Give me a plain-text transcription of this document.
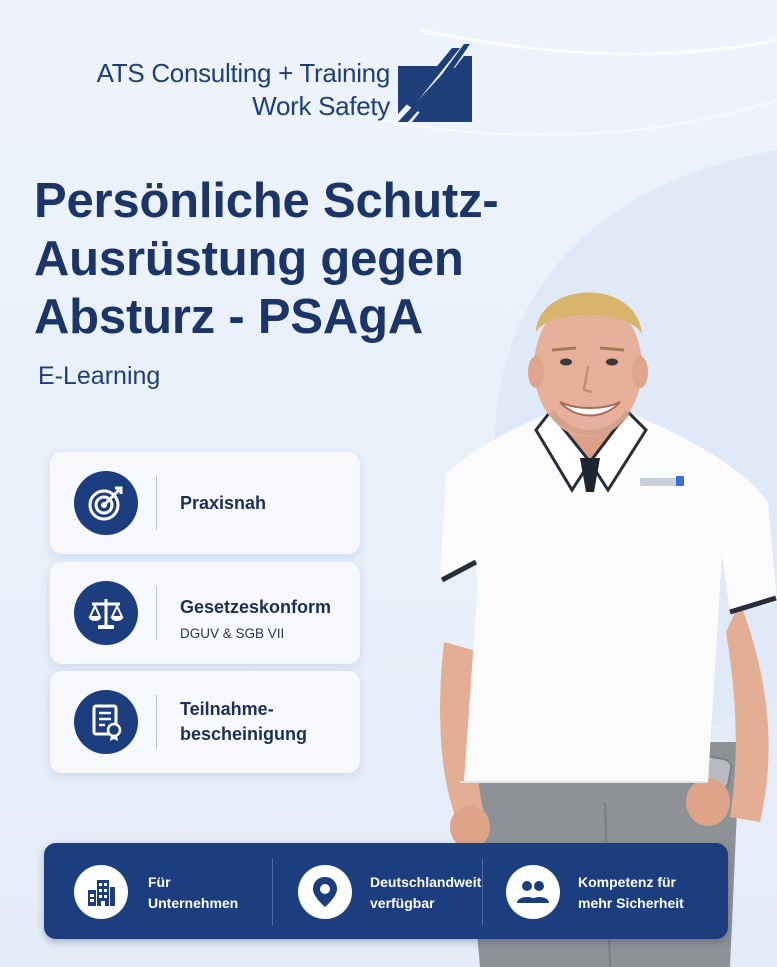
ATS Consulting + Training
Work Safety
Persönliche Schutz-
Ausrüstung gegen
Absturz - PSAgA
E-Learning
Praxisnah
Gesetzeskonform
DGUV & SGB VII
Teilnahme-
bescheinigung
Für
Unternehmen
Deutschlandweit
verfügbar
Kompetenz für
mehr Sicherheit
